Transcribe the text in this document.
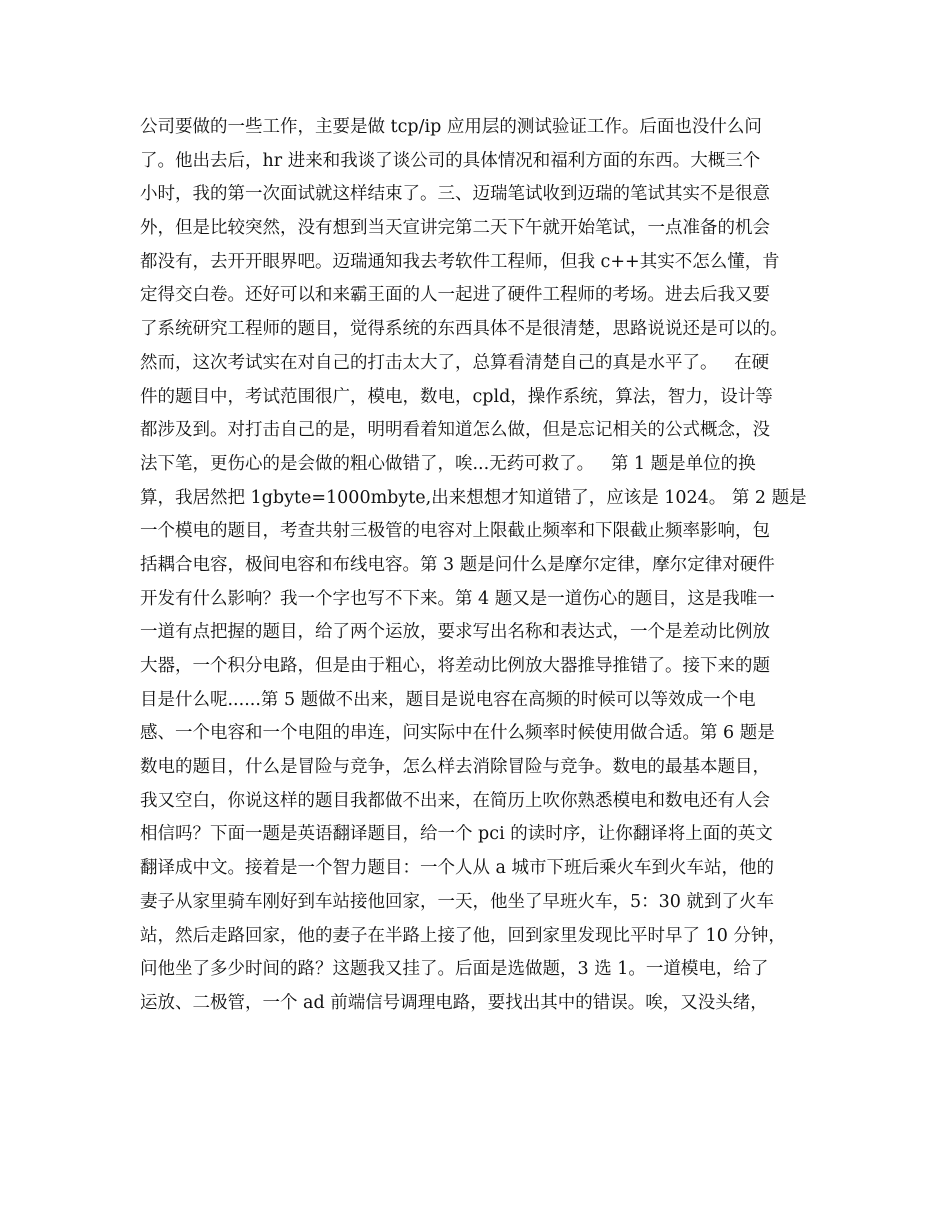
公司要做的一些工作，主要是做 tcp/ip 应用层的测试验证工作。后面也没什么问
了。他出去后，hr 进来和我谈了谈公司的具体情况和福利方面的东西。大概三个
小时，我的第一次面试就这样结束了。三、迈瑞笔试收到迈瑞的笔试其实不是很意
外，但是比较突然，没有想到当天宣讲完第二天下午就开始笔试，一点准备的机会
都没有，去开开眼界吧。迈瑞通知我去考软件工程师，但我 c++其实不怎么懂，肯
定得交白卷。还好可以和来霸王面的人一起进了硬件工程师的考场。进去后我又要
了系统研究工程师的题目，觉得系统的东西具体不是很清楚，思路说说还是可以的。
然而，这次考试实在对自己的打击太大了，总算看清楚自己的真是水平了。   在硬
件的题目中，考试范围很广，模电，数电，cpld，操作系统，算法，智力，设计等
都涉及到。对打击自己的是，明明看着知道怎么做，但是忘记相关的公式概念，没
法下笔，更伤心的是会做的粗心做错了，唉...无药可救了。   第 1 题是单位的换
算，我居然把 1gbyte=1000mbyte,出来想想才知道错了，应该是 1024。 第 2 题是
一个模电的题目，考查共射三极管的电容对上限截止频率和下限截止频率影响，包
括耦合电容，极间电容和布线电容。第 3 题是问什么是摩尔定律，摩尔定律对硬件
开发有什么影响？我一个字也写不下来。第 4 题又是一道伤心的题目，这是我唯一
一道有点把握的题目，给了两个运放，要求写出名称和表达式，一个是差动比例放
大器，一个积分电路，但是由于粗心，将差动比例放大器推导推错了。接下来的题
目是什么呢......第 5 题做不出来，题目是说电容在高频的时候可以等效成一个电
感、一个电容和一个电阻的串连，问实际中在什么频率时候使用做合适。第 6 题是
数电的题目，什么是冒险与竞争，怎么样去消除冒险与竞争。数电的最基本题目，
我又空白，你说这样的题目我都做不出来，在简历上吹你熟悉模电和数电还有人会
相信吗？下面一题是英语翻译题目，给一个 pci 的读时序，让你翻译将上面的英文
翻译成中文。接着是一个智力题目：一个人从 a 城市下班后乘火车到火车站，他的
妻子从家里骑车刚好到车站接他回家，一天，他坐了早班火车，5：30 就到了火车
站，然后走路回家，他的妻子在半路上接了他，回到家里发现比平时早了 10 分钟，
问他坐了多少时间的路？这题我又挂了。后面是选做题，3 选 1。一道模电，给了
运放、二极管，一个 ad 前端信号调理电路，要找出其中的错误。唉，又没头绪，
